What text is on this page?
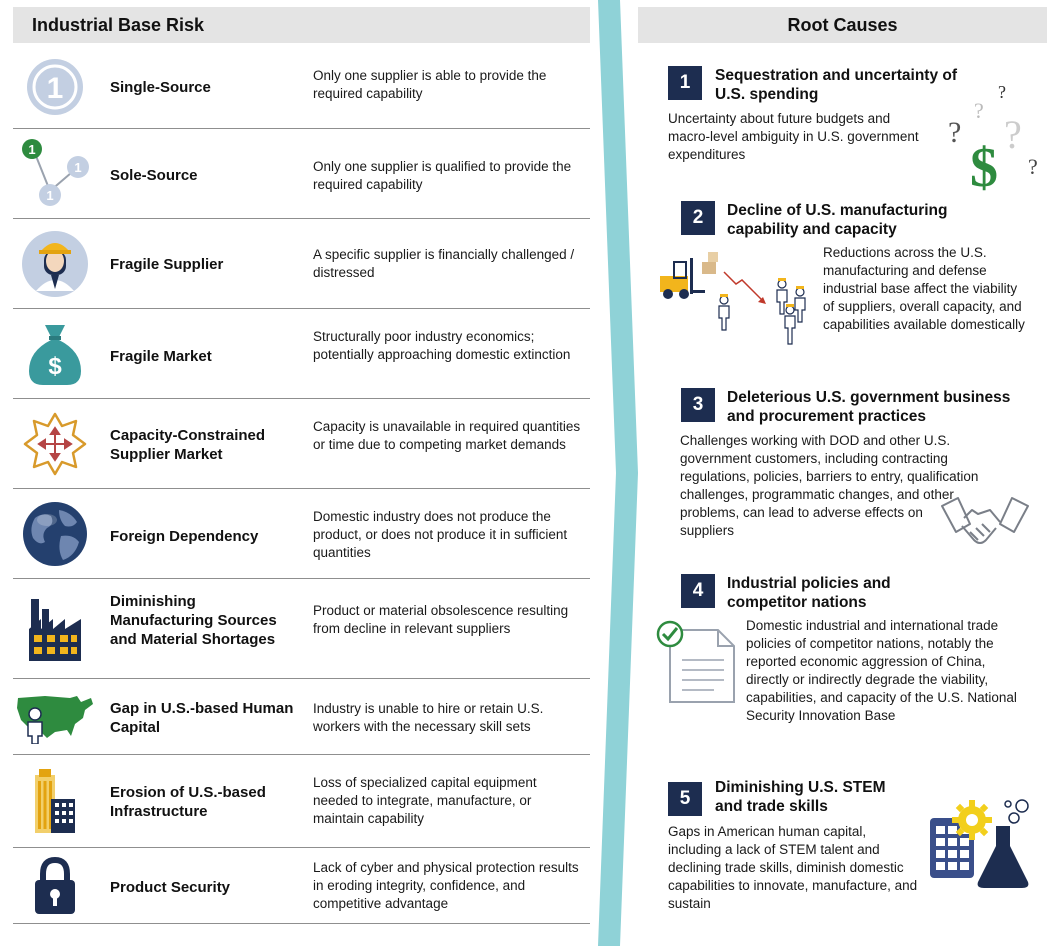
Industrial Base Risk
1	Single-Source
Only one supplier is able to provide the required capability
1
1
1
Sole-Source
Only one supplier is qualified to provide the required capability
Fragile Supplier
A specific supplier is financially challenged / distressed
$	Fragile Market
Structurally poor industry economics; potentially approaching domestic extinction
Capacity-Constrained Supplier Market
Capacity is unavailable in required quantities or time due to competing market demands
Foreign Dependency
Domestic industry does not produce the product, or does not produce it in sufficient quantities
Diminishing Manufacturing Sources and Material Shortages
Product or material obsolescence resulting from decline in relevant suppliers
Gap in U.S.-based Human Capital
Industry is unable to hire or retain U.S. workers with the necessary skill sets
Erosion of U.S.-based Infrastructure
Loss of specialized capital equipment needed to integrate, manufacture, or maintain capability
Product Security
Lack of cyber and physical protection results in eroding integrity, confidence, and competitive advantage
Root Causes
1	Sequestration and uncertainty of U.S. spending
Uncertainty about future budgets and macro-level ambiguity in U.S. government expenditures
?
?
? ?
?
$
2	Decline of U.S. manufacturing capability and capacity
Reductions across the U.S. manufacturing and defense industrial base affect the viability of suppliers, overall capacity, and capabilities available domestically
3	Deleterious U.S. government business and procurement practices
Challenges working with DOD and other U.S. government customers, including contracting regulations, policies, barriers to entry, qualification challenges, programmatic changes, and other problems, can lead to adverse effects on suppliers
4	Industrial policies and competitor nations
Domestic industrial and international trade policies of competitor nations, notably the reported economic aggression of China, directly or indirectly degrade the viability, capabilities, and capacity of the U.S. National Security Innovation Base
5
Diminishing U.S. STEM and trade skills
Gaps in American human capital, including a lack of STEM talent and declining trade skills, diminish domestic capabilities to innovate, manufacture, and sustain
